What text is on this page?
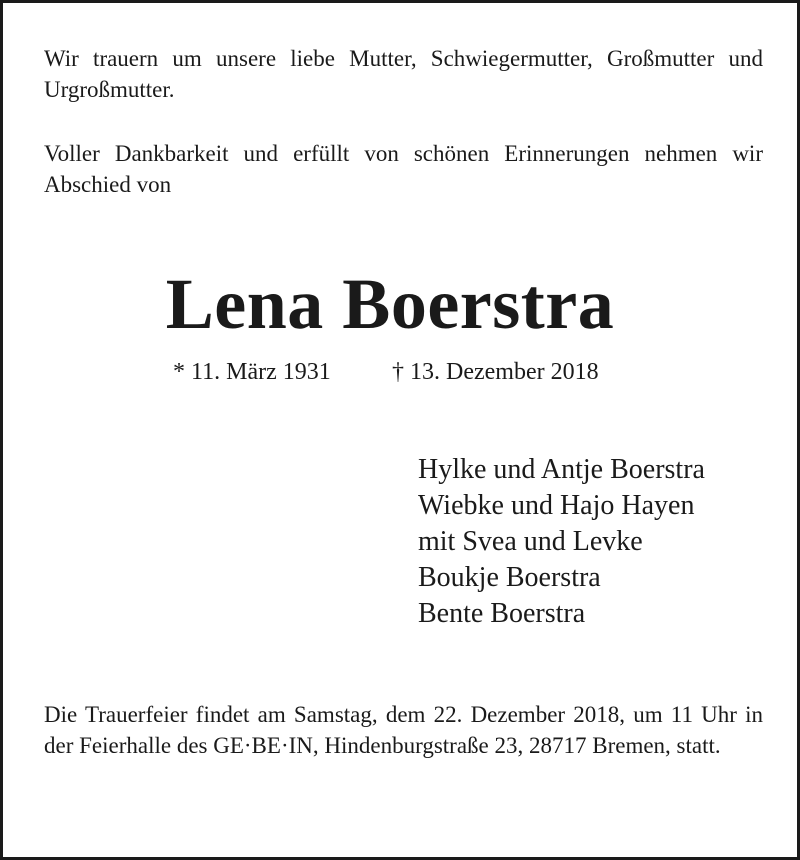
Wir trauern um unsere liebe Mutter, Schwiegermutter, Großmutter und Urgroßmutter.

Voller Dankbarkeit und erfüllt von schönen Erinnerungen nehmen wir Abschied von

Lena Boerstra

* 11. März 1931	† 13. Dezember 2018

Hylke und Antje Boerstra
Wiebke und Hajo Hayen
mit Svea und Levke
Boukje Boerstra
Bente Boerstra

Die Trauerfeier findet am Samstag, dem 22. Dezember 2018, um 11 Uhr in der Feierhalle des GE·BE·IN, Hindenburgstraße 23, 28717 Bremen, statt.
